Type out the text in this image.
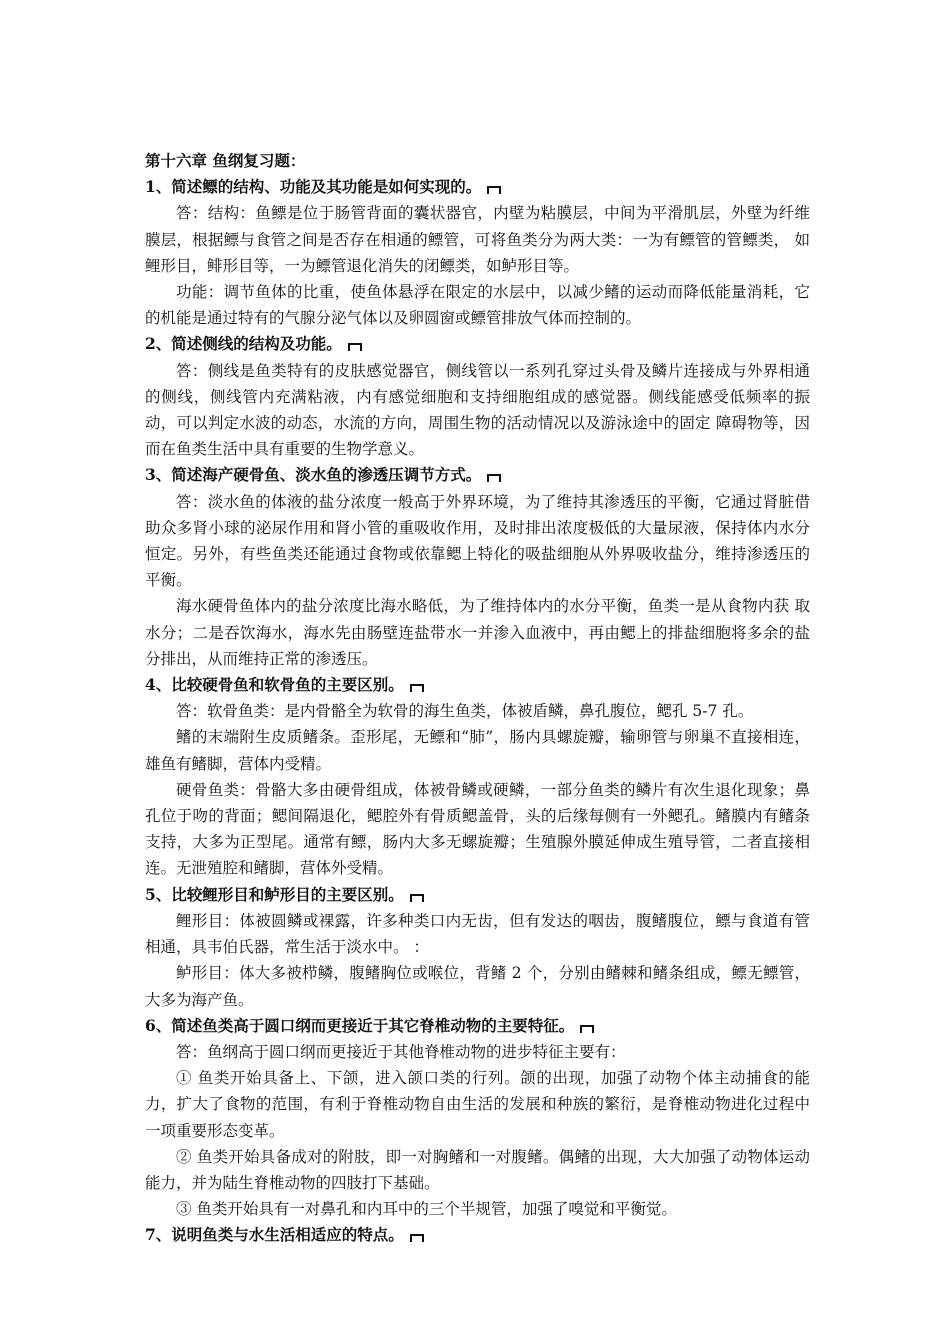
第十六章 鱼纲复习题：
1、简述鳔的结构、功能及其功能是如何实现的。
答：结构：鱼鳔是位于肠管背面的囊状器官，内壁为粘膜层，中间为平滑肌层，外壁为纤维膜层，根据鳔与食管之间是否存在相通的鳔管，可将鱼类分为两大类：一为有鳔管的管鳔类， 如鲤形目，鲱形目等，一为鳔管退化消失的闭鳔类，如鲈形目等。
功能：调节鱼体的比重，使鱼体悬浮在限定的水层中，以减少鳍的运动而降低能量消耗，它的机能是通过特有的气腺分泌气体以及卵圆窗或鳔管排放气体而控制的。
2、简述侧线的结构及功能。
答：侧线是鱼类特有的皮肤感觉器官，侧线管以一系列孔穿过头骨及鳞片连接成与外界相通的侧线，侧线管内充满粘液，内有感觉细胞和支持细胞组成的感觉器。侧线能感受低频率的振动，可以判定水波的动态，水流的方向，周围生物的活动情况以及游泳途中的固定 障碍物等，因而在鱼类生活中具有重要的生物学意义。
3、简述海产硬骨鱼、淡水鱼的渗透压调节方式。
答：淡水鱼的体液的盐分浓度一般高于外界环境，为了维持其渗透压的平衡，它通过肾脏借 助众多肾小球的泌尿作用和肾小管的重吸收作用，及时排出浓度极低的大量尿液，保持体内水分恒定。另外，有些鱼类还能通过食物或依靠鳃上特化的吸盐细胞从外界吸收盐分，维持渗透压的平衡。
海水硬骨鱼体内的盐分浓度比海水略低，为了维持体内的水分平衡，鱼类一是从食物内获 取水分；二是吞饮海水，海水先由肠壁连盐带水一并渗入血液中，再由鳃上的排盐细胞将多余的盐分排出，从而维持正常的渗透压。
4、比较硬骨鱼和软骨鱼的主要区别。
答：软骨鱼类：是内骨骼全为软骨的海生鱼类，体被盾鳞，鼻孔腹位，鳃孔 5-7 孔。
鳍的末端附生皮质鳍条。歪形尾，无鳔和“肺”，肠内具螺旋瓣，输卵管与卵巢不直接相连，雄鱼有鳍脚，营体内受精。
硬骨鱼类：骨骼大多由硬骨组成，体被骨鳞或硬鳞，一部分鱼类的鳞片有次生退化现象；鼻孔位于吻的背面；鳃间隔退化，鳃腔外有骨质鳃盖骨，头的后缘每侧有一外鳃孔。鳍膜内有鳍条支持，大多为正型尾。通常有鳔，肠内大多无螺旋瓣；生殖腺外膜延伸成生殖导管，二者直接相连。无泄殖腔和鳍脚，营体外受精。
5、比较鲤形目和鲈形目的主要区别。
鲤形目：体被圆鳞或裸露，许多种类口内无齿，但有发达的咽齿，腹鳍腹位，鳔与食道有管相通，具韦伯氏器，常生活于淡水中。 ：
鲈形目：体大多被栉鳞，腹鳍胸位或喉位，背鳍 2 个，分别由鳍棘和鳍条组成，鳔无鳔管，大多为海产鱼。
6、简述鱼类高于圆口纲而更接近于其它脊椎动物的主要特征。
答：鱼纲高于圆口纲而更接近于其他脊椎动物的进步特征主要有：
① 鱼类开始具备上、下颌，进入颌口类的行列。颌的出现，加强了动物个体主动捕食的能力，扩大了食物的范围，有利于脊椎动物自由生活的发展和种族的繁衍，是脊椎动物进化过程中一项重要形态变革。
② 鱼类开始具备成对的附肢，即一对胸鳍和一对腹鳍。偶鳍的出现，大大加强了动物体运动 能力，并为陆生脊椎动物的四肢打下基础。
③ 鱼类开始具有一对鼻孔和内耳中的三个半规管，加强了嗅觉和平衡觉。
7、说明鱼类与水生活相适应的特点。
